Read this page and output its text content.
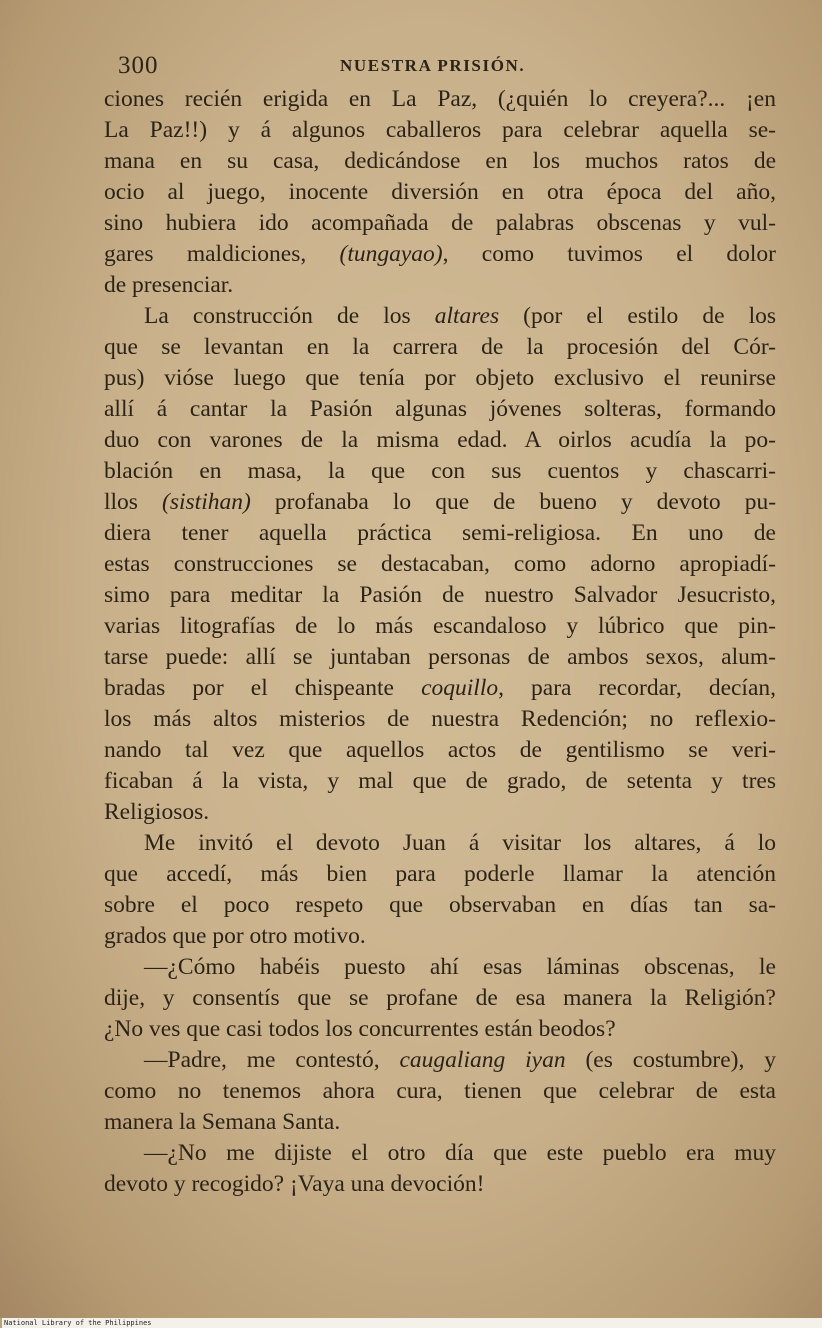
300	NUESTRA PRISIÓN.
ciones recién erigida en La Paz, (¿quién lo creyera?... ¡en
La Paz!!) y á algunos caballeros para celebrar aquella se-
mana en su casa, dedicándose en los muchos ratos de
ocio al juego, inocente diversión en otra época del año,
sino hubiera ido acompañada de palabras obscenas y vul-
gares maldiciones, (tungayao), como tuvimos el dolor
de presenciar.
La construcción de los altares (por el estilo de los
que se levantan en la carrera de la procesión del Cór-
pus) vióse luego que tenía por objeto exclusivo el reunirse
allí á cantar la Pasión algunas jóvenes solteras, formando
duo con varones de la misma edad. A oirlos acudía la po-
blación en masa, la que con sus cuentos y chascarri-
llos (sistihan) profanaba lo que de bueno y devoto pu-
diera tener aquella práctica semi-religiosa. En uno de
estas construcciones se destacaban, como adorno apropiadí-
simo para meditar la Pasión de nuestro Salvador Jesucristo,
varias litografías de lo más escandaloso y lúbrico que pin-
tarse puede: allí se juntaban personas de ambos sexos, alum-
bradas por el chispeante coquillo, para recordar, decían,
los más altos misterios de nuestra Redención; no reflexio-
nando tal vez que aquellos actos de gentilismo se veri-
ficaban á la vista, y mal que de grado, de setenta y tres
Religiosos.
Me invitó el devoto Juan á visitar los altares, á lo
que accedí, más bien para poderle llamar la atención
sobre el poco respeto que observaban en días tan sa-
grados que por otro motivo.
—¿Cómo habéis puesto ahí esas láminas obscenas, le
dije, y consentís que se profane de esa manera la Religión?
¿No ves que casi todos los concurrentes están beodos?
—Padre, me contestó, caugaliang iyan (es costumbre), y
como no tenemos ahora cura, tienen que celebrar de esta
manera la Semana Santa.
—¿No me dijiste el otro día que este pueblo era muy
devoto y recogido? ¡Vaya una devoción!
National Library of the Philippines
